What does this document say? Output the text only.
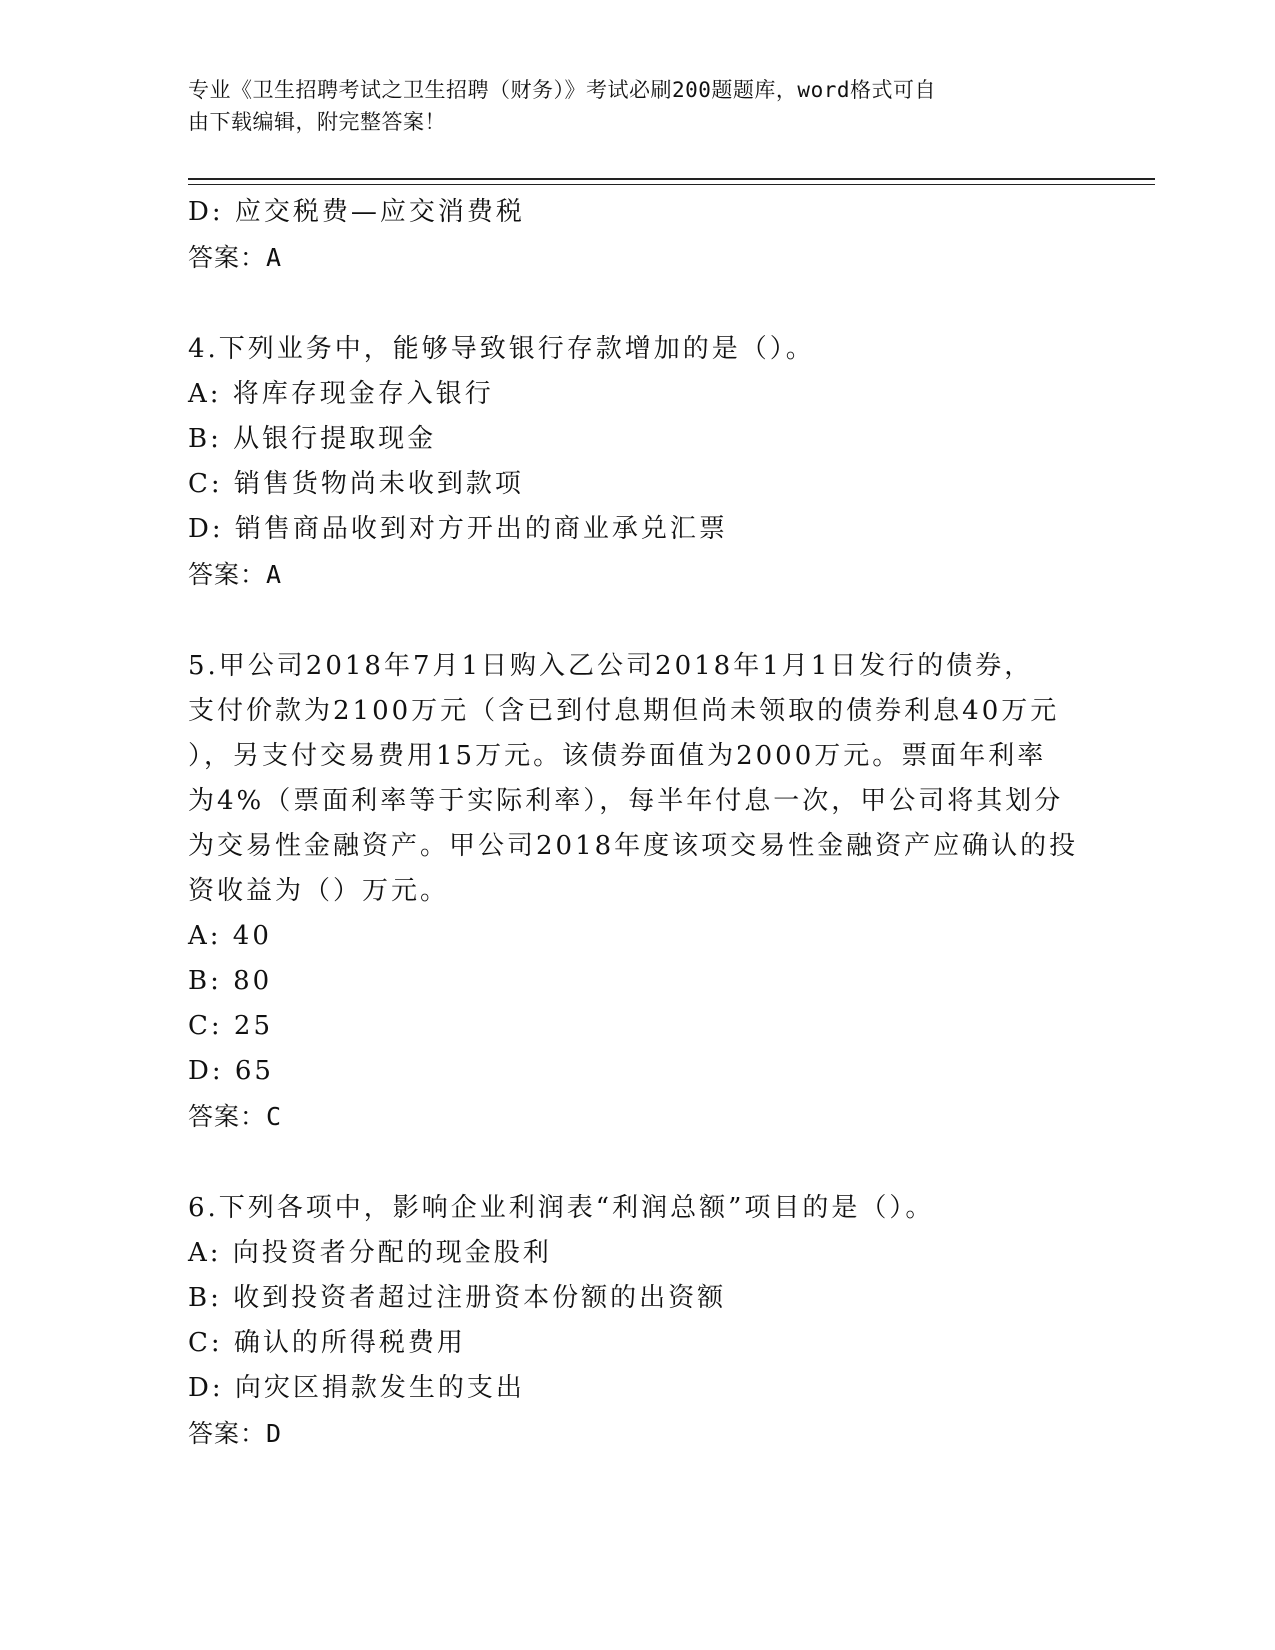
专业《卫生招聘考试之卫生招聘（财务）》考试必刷200题题库，word格式可自
由下载编辑，附完整答案！
D: 应交税费—应交消费税
答案：A
4.下列业务中，能够导致银行存款增加的是（）。
A: 将库存现金存入银行
B: 从银行提取现金
C: 销售货物尚未收到款项
D: 销售商品收到对方开出的商业承兑汇票
答案：A
5.甲公司2018年7月1日购入乙公司2018年1月1日发行的债券，
支付价款为2100万元（含已到付息期但尚未领取的债券利息40万元
），另支付交易费用15万元。该债券面值为2000万元。票面年利率
为4%（票面利率等于实际利率），每半年付息一次，甲公司将其划分
为交易性金融资产。甲公司2018年度该项交易性金融资产应确认的投
资收益为（）万元。
A: 40
B: 80
C: 25
D: 65
答案：C
6.下列各项中，影响企业利润表“利润总额”项目的是（）。
A: 向投资者分配的现金股利
B: 收到投资者超过注册资本份额的出资额
C: 确认的所得税费用
D: 向灾区捐款发生的支出
答案：D
